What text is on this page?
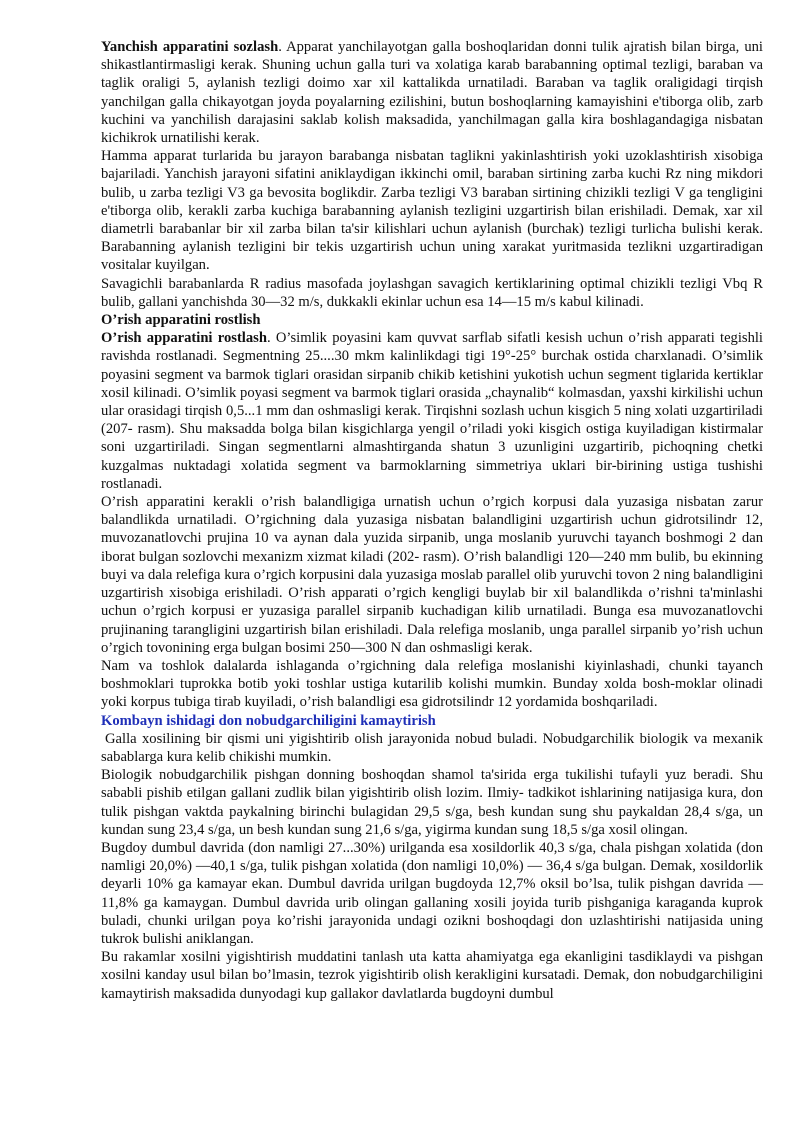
Yanchish apparatini sozlash. Apparat yanchilayotgan galla boshoqlaridan donni tulik ajratish bilan birga, uni shikastlantirmasligi kerak. Shuning uchun galla turi va xolatiga karab barabanning optimal tezligi, baraban va taglik oraligi 5, aylanish tezligi doimo xar xil kattalikda urnatiladi. Baraban va taglik oraligidagi tirqish yanchilgan galla chikayotgan joyda poyalarning ezilishini, butun boshoqlarning kamayishini e'tiborga olib, zarb kuchini va yanchilish darajasini saklab kolish maksadida, yanchilmagan galla kira boshlagandagiga nisbatan kichikrok urnatilishi kerak.

Hamma apparat turlarida bu jarayon barabanga nisbatan taglikni yakinlashtirish yoki uzoklashtirish xisobiga bajariladi. Yanchish jarayoni sifatini aniklaydigan ikkinchi omil, baraban sirtining zarba kuchi Rz ning mikdori bulib, u zarba tezligi V3 ga bevosita boglikdir. Zarba tezligi V3 baraban sirtining chizikli tezligi V ga tengligini e'tiborga olib, kerakli zarba kuchiga barabanning aylanish tezligini uzgartirish bilan erishiladi. Demak, xar xil diametrli barabanlar bir xil zarba bilan ta'sir kilishlari uchun aylanish (burchak) tezligi turlicha bulishi kerak. Barabanning aylanish tezligini bir tekis uzgartirish uchun uning xarakat yuritmasida tezlikni uzgartiradigan vositalar kuyilgan.

Savagichli barabanlarda R radius masofada joylashgan savagich kertiklarining optimal chizikli tezligi Vbq R bulib, gallani yanchishda 30—32 m/s, dukkakli ekinlar uchun esa 14—15 m/s kabul kilinadi.

O’rish apparatini rostlish

O’rish apparatini rostlash. O’simlik poyasini kam quvvat sarflab sifatli kesish uchun o’rish apparati tegishli ravishda rostlanadi. Segmentning 25....30 mkm kalinlikdagi tigi 19°-25° burchak ostida charxlanadi. O’simlik poyasini segment va barmok tiglari orasidan sirpanib chikib ketishini yukotish uchun segment tiglarida kertiklar xosil kilinadi. O’simlik poyasi segment va barmok tiglari orasida „chaynalib“ kolmasdan, yaxshi kirkilishi uchun ular orasidagi tirqish 0,5...1 mm dan oshmasligi kerak. Tirqishni sozlash uchun kisgich 5 ning xolati uzgartiriladi (207- rasm). Shu maksadda bolga bilan kisgichlarga yengil o’riladi yoki kisgich ostiga kuyiladigan kistirmalar soni uzgartiriladi. Singan segmentlarni almashtirganda shatun 3 uzunligini uzgartirib, pichoqning chetki kuzgalmas nuktadagi xolatida segment va barmoklarning simmetriya uklari bir-birining ustiga tushishi rostlanadi.

O’rish apparatini kerakli o’rish balandligiga urnatish uchun o’rgich korpusi dala yuzasiga nisbatan zarur balandlikda urnatiladi. O’rgichning dala yuzasiga nisbatan balandligini uzgartirish uchun gidrotsilindr 12, muvozanatlovchi prujina 10 va aynan dala yuzida sirpanib, unga moslanib yuruvchi tayanch boshmogi 2 dan iborat bulgan sozlovchi mexanizm xizmat kiladi (202- rasm). O’rish balandligi 120—240 mm bulib, bu ekinning buyi va dala relefiga kura o’rgich korpusini dala yuzasiga moslab parallel olib yuruvchi tovon 2 ning balandligini uzgartirish xisobiga erishiladi. O’rish apparati o’rgich kengligi buylab bir xil balandlikda o’rishni ta'minlashi uchun o’rgich korpusi er yuzasiga parallel sirpanib kuchadigan kilib urnatiladi. Bunga esa muvozanatlovchi prujinaning tarangligini uzgartirish bilan erishiladi. Dala relefiga moslanib, unga parallel sirpanib yo’rish uchun o’rgich tovonining erga bulgan bosimi 250—300 N dan oshmasligi kerak.

Nam va toshlok dalalarda ishlaganda o’rgichning dala relefiga moslanishi kiyinlashadi, chunki tayanch boshmoklari tuprokka botib yoki toshlar ustiga kutarilib kolishi mumkin. Bunday xolda bosh-moklar olinadi yoki korpus tubiga tirab kuyiladi, o’rish balandligi esa gidrotsilindr 12 yordamida boshqariladi.

Kombayn ishidagi don nobudgarchiligini kamaytirish

Galla xosilining bir qismi uni yigishtirib olish jarayonida nobud buladi. Nobudgarchilik biologik va mexanik sabablarga kura kelib chikishi mumkin.

Biologik nobudgarchilik pishgan donning boshoqdan shamol ta'sirida erga tukilishi tufayli yuz beradi. Shu sababli pishib etilgan gallani zudlik bilan yigishtirib olish lozim. Ilmiy- tadkikot ishlarining natijasiga kura, don tulik pishgan vaktda paykalning birinchi bulagidan 29,5 s/ga, besh kundan sung shu paykaldan 28,4 s/ga, un kundan sung 23,4 s/ga, un besh kundan sung 21,6 s/ga, yigirma kundan sung 18,5 s/ga xosil olingan.

Bugdoy dumbul davrida (don namligi 27...30%) urilganda esa xosildorlik 40,3 s/ga, chala pishgan xolatida (don namligi 20,0%) —40,1 s/ga, tulik pishgan xolatida (don namligi 10,0%) — 36,4 s/ga bulgan. Demak, xosildorlik deyarli 10% ga kamayar ekan. Dumbul davrida urilgan bugdoyda 12,7% oksil bo’lsa, tulik pishgan davrida —11,8% ga kamaygan. Dumbul davrida urib olingan gallaning xosili joyida turib pishganiga karaganda kuprok buladi, chunki urilgan poya ko’rishi jarayonida undagi ozikni boshoqdagi don uzlashtirishi natijasida uning tukrok bulishi aniklangan.

Bu rakamlar xosilni yigishtirish muddatini tanlash uta katta ahamiyatga ega ekanligini tasdiklaydi va pishgan xosilni kanday usul bilan bo’lmasin, tezrok yigishtirib olish kerakligini kursatadi. Demak, don nobudgarchiligini kamaytirish maksadida dunyodagi kup gallakor davlatlarda bugdoyni dumbul
